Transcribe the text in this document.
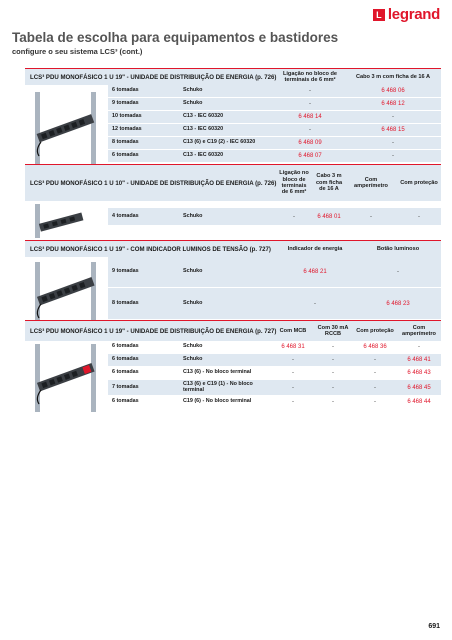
L legrand
Tabela de escolha para equipamentos e bastidores
configure o seu sistema LCS³ (cont.)
LCS³ PDU MONOFÁSICO 1 U 19" - UNIDADE DE DISTRIBUIÇÃO DE ENERGIA (p. 726)	Ligação no bloco de terminais de 6 mm²
Cabo 3 m com ficha de 16 A
6 tomadas	Schuko	-	6 468 06
9 tomadas	Schuko	-	6 468 12
10 tomadas	C13 - IEC 60320	6 468 14	-
12 tomadas	C13 - IEC 60320	-	6 468 15
8 tomadas	C13 (6) e C19 (2) - IEC 60320	6 468 09	-
6 tomadas	C13 - IEC 60320	6 468 07	-
LCS³ PDU MONOFÁSICO 1 U 10" - UNIDADE DE DISTRIBUIÇÃO DE ENERGIA (p. 726)
Ligação no bloco de terminais de 6 mm²
Cabo 3 m com ficha de 16 A
Com amperímetro
Com proteção
4 tomadas	Schuko	-	6 468 01	-	-
LCS³ PDU MONOFÁSICO 1 U 19" - COM INDICADOR LUMINOS DE TENSÃO (p. 727)	Indicador de energia	Botão luminoso
9 tomadas	Schuko	6 468 21	-
8 tomadas	Schuko	-	6 468 23
LCS³ PDU MONOFÁSICO 1 U 19" - UNIDADE DE DISTRIBUIÇÃO DE ENERGIA (p. 727) Com MCB
Com 30 mA RCCB
Com proteção
Com amperímetro
6 tomadas	Schuko	6 468 31	-	6 468 36	-
6 tomadas	Schuko	-	-	-	6 468 41
6 tomadas	C13 (6) - No bloco terminal	-	-	-	6 468 43
7 tomadas	C13 (6) e C19 (1) - No bloco terminal	-	-	-	6 468 45
6 tomadas	C19 (6) - No bloco terminal	-	-	-	6 468 44
691
